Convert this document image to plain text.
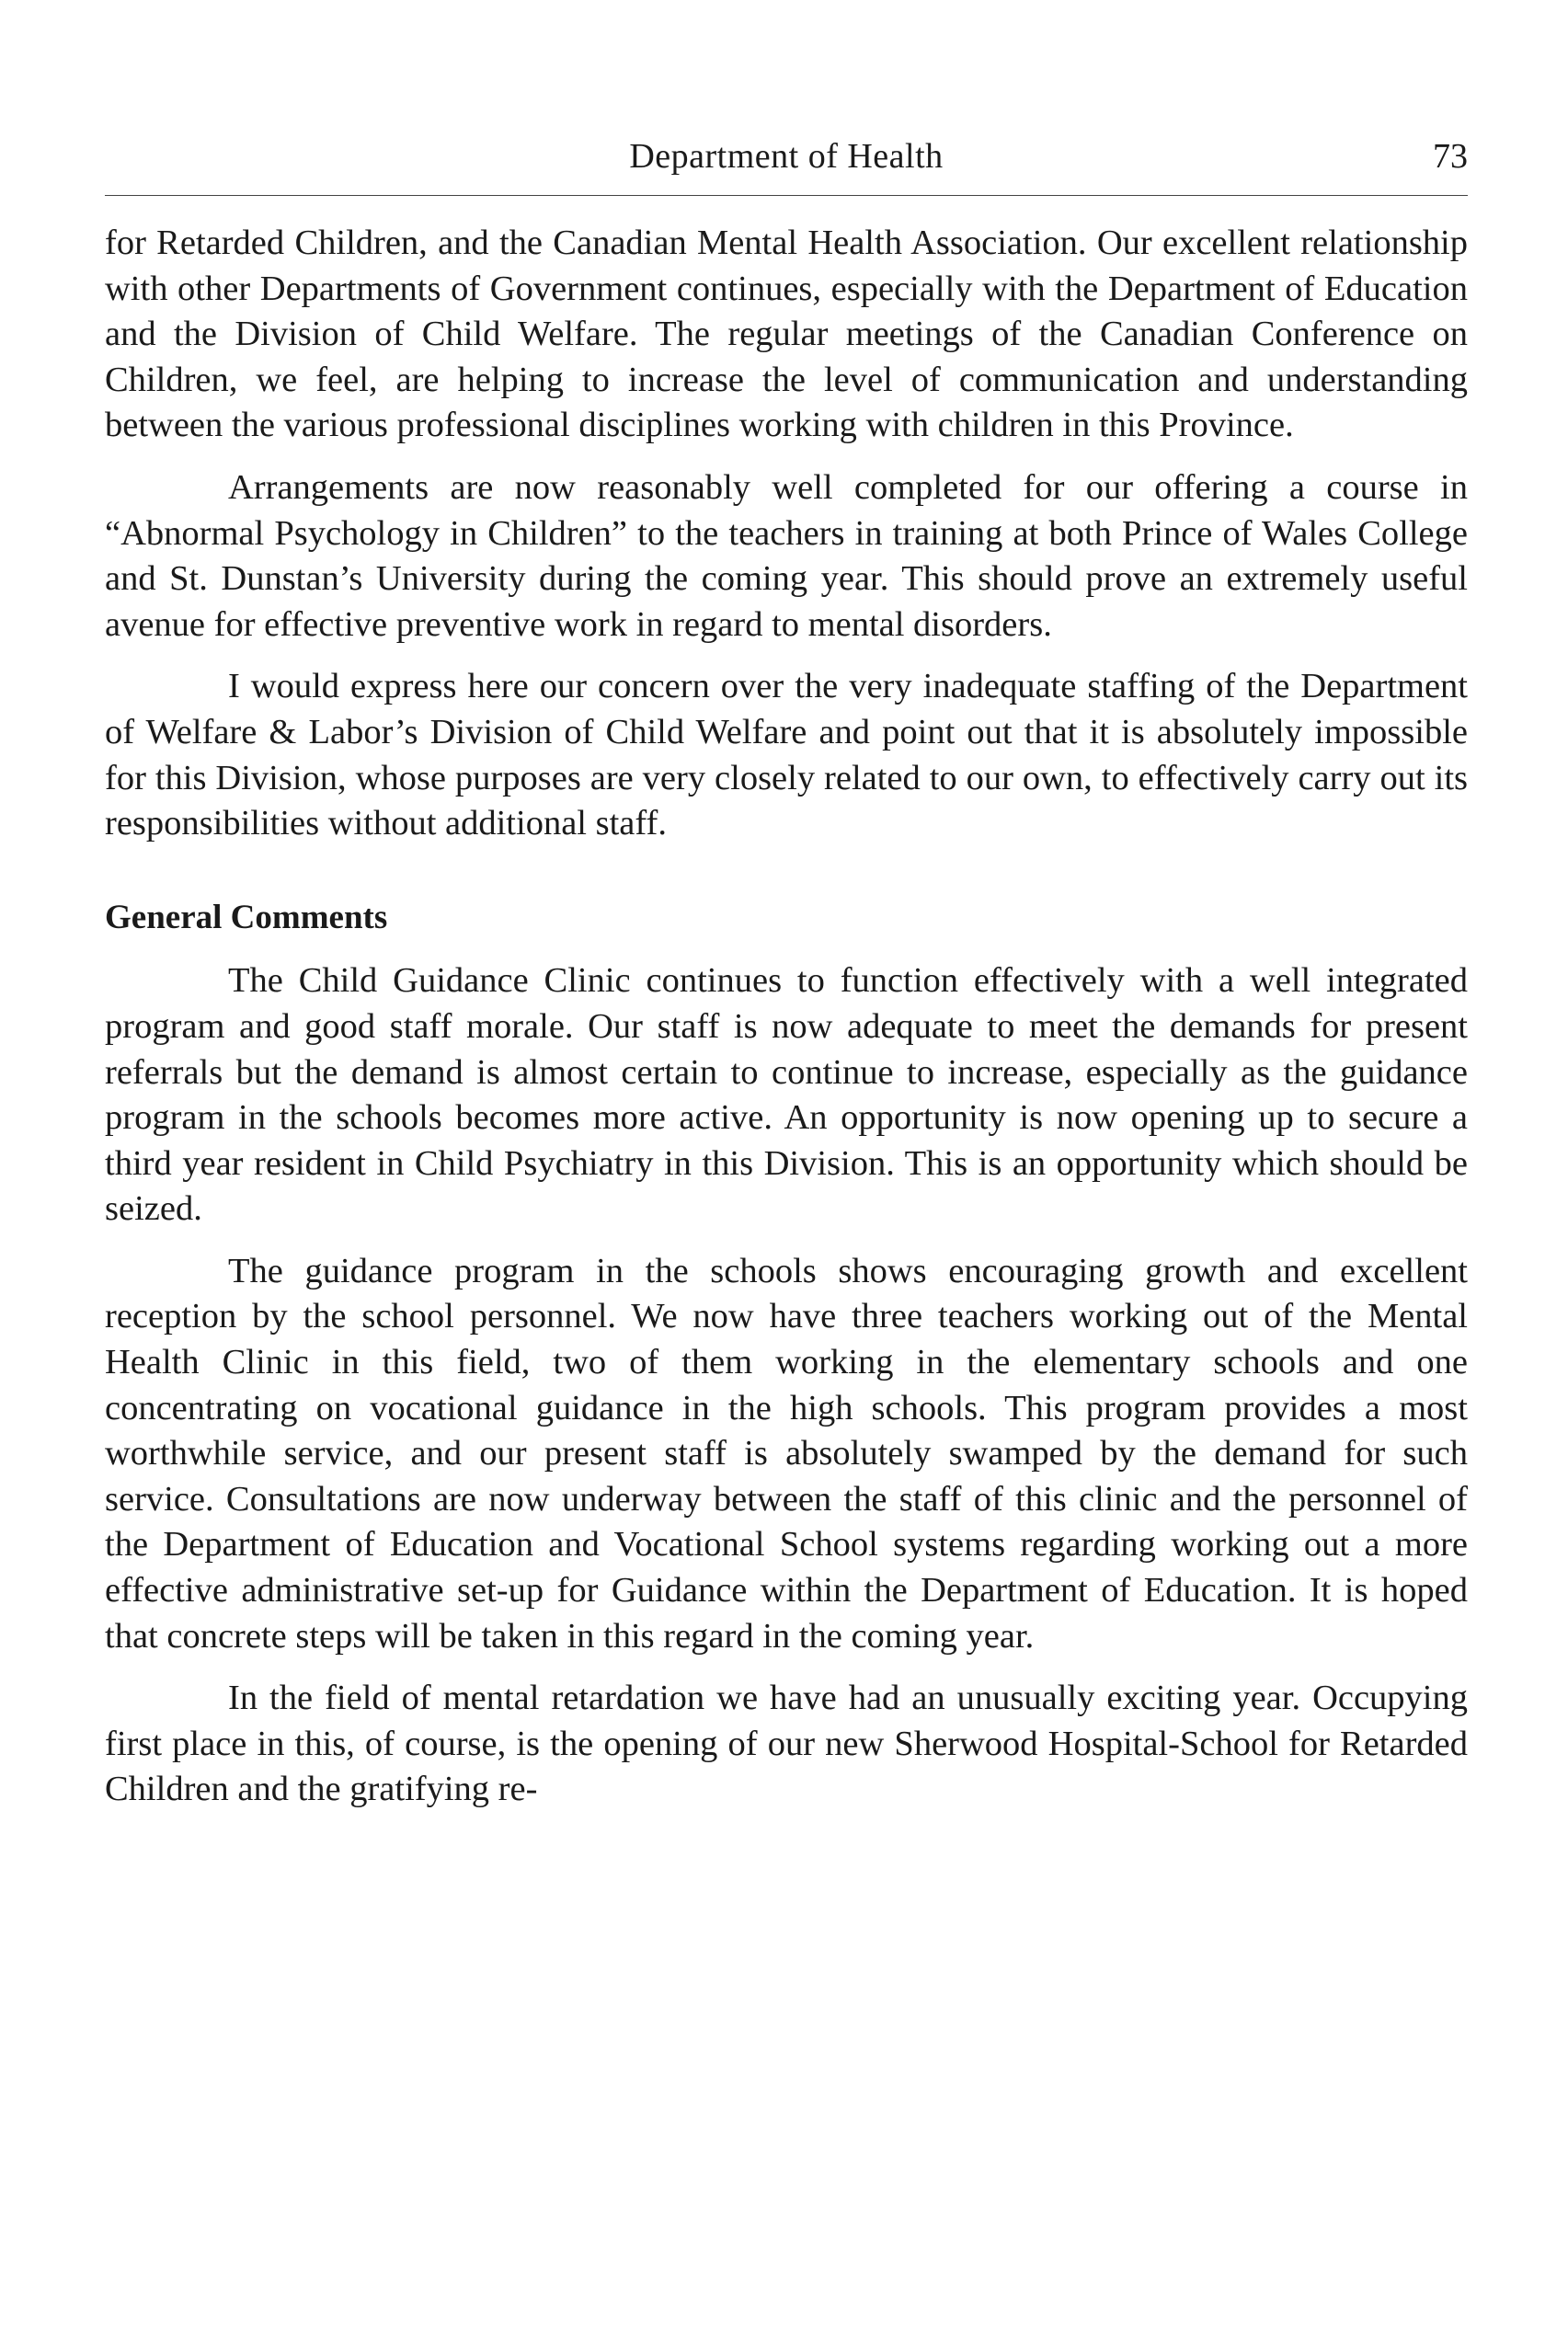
Department of Health	73

for Retarded Children, and the Canadian Mental Health Association. Our excellent relationship with other Departments of Government continues, especially with the Department of Education and the Division of Child Welfare. The regular meetings of the Canadian Conference on Children, we feel, are helping to increase the level of communication and understanding between the various professional disciplines working with children in this Province.

Arrangements are now reasonably well completed for our offering a course in “Abnormal Psychology in Children” to the teachers in training at both Prince of Wales College and St. Dunstan’s University during the coming year. This should prove an extremely useful avenue for effective preventive work in regard to mental disorders.

I would express here our concern over the very inadequate staffing of the Department of Welfare & Labor’s Division of Child Welfare and point out that it is absolutely impossible for this Division, whose purposes are very closely related to our own, to effectively carry out its responsibilities without additional staff.

General Comments

The Child Guidance Clinic continues to function effectively with a well integrated program and good staff morale. Our staff is now adequate to meet the demands for present referrals but the demand is almost certain to continue to increase, especially as the guidance program in the schools becomes more active. An opportunity is now opening up to secure a third year resident in Child Psychiatry in this Division. This is an opportunity which should be seized.

The guidance program in the schools shows encouraging growth and excellent reception by the school personnel. We now have three teachers working out of the Mental Health Clinic in this field, two of them working in the elementary schools and one concentrating on vocational guidance in the high schools. This program provides a most worthwhile service, and our present staff is absolutely swamped by the demand for such service. Consultations are now underway between the staff of this clinic and the personnel of the Department of Education and Vocational School systems regarding working out a more effective administrative set-up for Guidance within the Department of Education. It is hoped that concrete steps will be taken in this regard in the coming year.

In the field of mental retardation we have had an unusually exciting year. Occupying first place in this, of course, is the opening of our new Sherwood Hospital-School for Retarded Children and the gratifying re-
